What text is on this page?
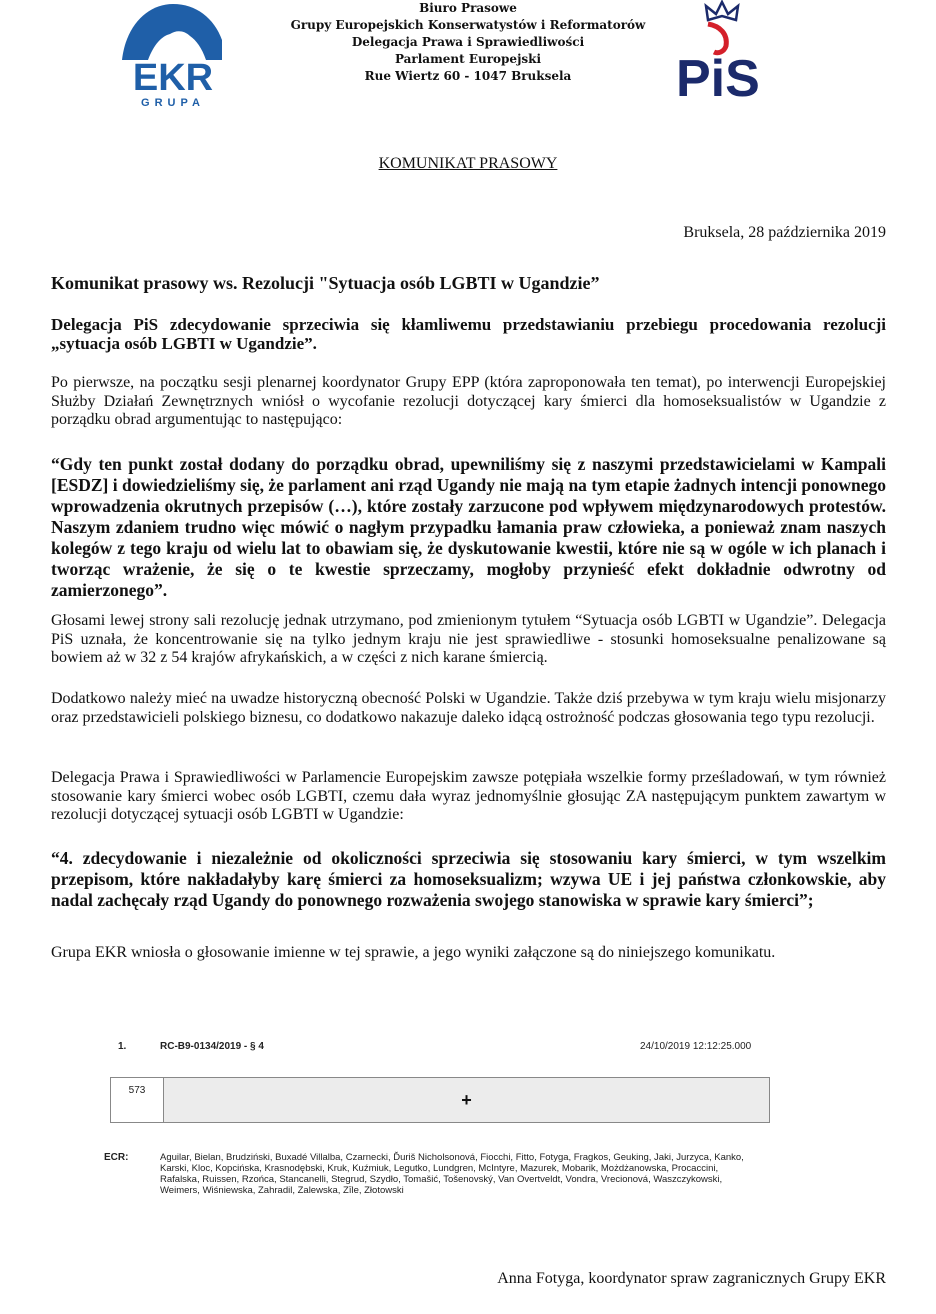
EKR
GRUPA
Biuro Prasowe
Grupy Europejskich Konserwatystów i Reformatorów
Delegacja Prawa i Sprawiedliwości
Parlament Europejski
Rue Wiertz 60 - 1047 Bruksela	PiS
KOMUNIKAT PRASOWY
Bruksela, 28 października 2019
Komunikat prasowy ws. Rezolucji "Sytuacja osób LGBTI w Ugandzie”
Delegacja PiS zdecydowanie sprzeciwia się kłamliwemu przedstawianiu przebiegu procedowania rezolucji „sytuacja osób LGBTI w Ugandzie”.
Po pierwsze, na początku sesji plenarnej koordynator Grupy EPP (która zaproponowała ten temat), po interwencji Europejskiej Służby Działań Zewnętrznych wniósł o wycofanie rezolucji dotyczącej kary śmierci dla homoseksualistów w Ugandzie z porządku obrad argumentując to następująco:
“Gdy ten punkt został dodany do porządku obrad, upewniliśmy się z naszymi przedstawicielami w Kampali [ESDZ] i dowiedzieliśmy się, że parlament ani rząd Ugandy nie mają na tym etapie żadnych intencji ponownego wprowadzenia okrutnych przepisów (…), które zostały zarzucone pod wpływem międzynarodowych protestów. Naszym zdaniem trudno więc mówić o nagłym przypadku łamania praw człowieka, a ponieważ znam naszych kolegów z tego kraju od wielu lat to obawiam się, że dyskutowanie kwestii, które nie są w ogóle w ich planach i tworząc wrażenie, że się o te kwestie sprzeczamy, mogłoby przynieść efekt dokładnie odwrotny od zamierzonego”.
Głosami lewej strony sali rezolucję jednak utrzymano, pod zmienionym tytułem “Sytuacja osób LGBTI w Ugandzie”. Delegacja PiS uznała, że koncentrowanie się na tylko jednym kraju nie jest sprawiedliwe - stosunki homoseksualne penalizowane są bowiem aż w 32 z 54 krajów afrykańskich, a w części z nich karane śmiercią.
Dodatkowo należy mieć na uwadze historyczną obecność Polski w Ugandzie. Także dziś przebywa w tym kraju wielu misjonarzy oraz przedstawicieli polskiego biznesu, co dodatkowo nakazuje daleko idącą ostrożność podczas głosowania tego typu rezolucji.
Delegacja Prawa i Sprawiedliwości w Parlamencie Europejskim zawsze potępiała wszelkie formy prześladowań, w tym również stosowanie kary śmierci wobec osób LGBTI, czemu dała wyraz jednomyślnie głosując ZA następującym punktem zawartym w rezolucji dotyczącej sytuacji osób LGBTI w Ugandzie:
“4. zdecydowanie i niezależnie od okoliczności sprzeciwia się stosowaniu kary śmierci, w tym wszelkim przepisom, które nakładałyby karę śmierci za homoseksualizm; wzywa UE i jej państwa członkowskie, aby nadal zachęcały rząd Ugandy do ponownego rozważenia swojego stanowiska w sprawie kary śmierci”;
Grupa EKR wniosła o głosowanie imienne w tej sprawie, a jego wyniki załączone są do niniejszego komunikatu.
1.	RC-B9-0134/2019 - § 4	24/10/2019 12:12:25.000
573	+
ECR:	Aguilar, Bielan, Brudziński, Buxadé Villalba, Czarnecki, Ďuriš Nicholsonová, Fiocchi, Fitto, Fotyga, Fragkos, Geuking, Jaki, Jurzyca, Kanko, Karski, Kloc, Kopcińska, Krasnodębski, Kruk, Kuźmiuk, Legutko, Lundgren, McIntyre, Mazurek, Mobarik, Możdżanowska, Procaccini, Rafalska, Ruissen, Rzońca, Stancanelli, Stegrud, Szydło, Tomašić, Tošenovský, Van Overtveldt, Vondra, Vrecionová, Waszczykowski, Weimers, Wiśniewska, Zahradil, Zalewska, Zīle, Złotowski
Anna Fotyga, koordynator spraw zagranicznych Grupy EKR
